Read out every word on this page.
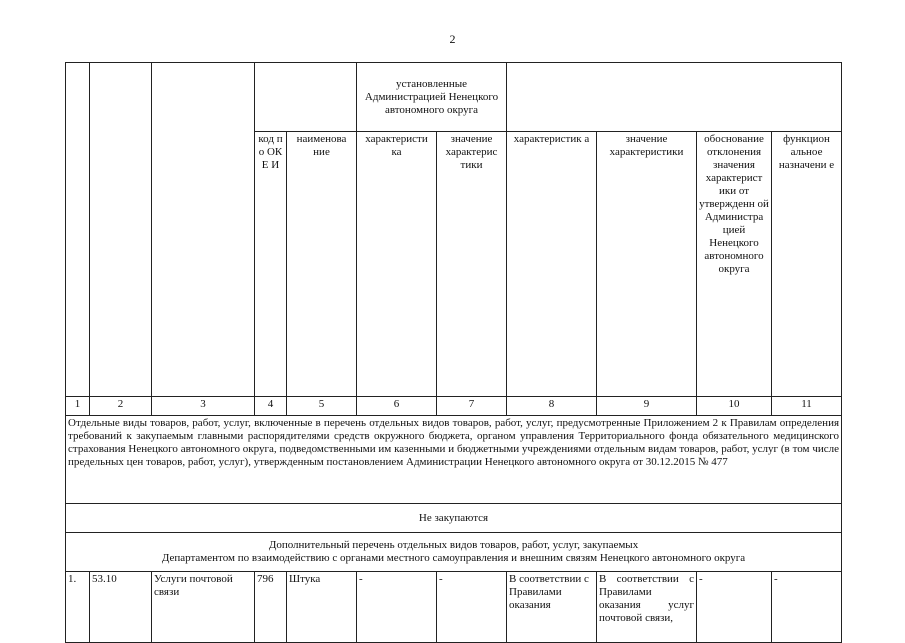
2
					установленные Администрацией Ненецкого автономного округа					
			код по ОКЕ И	наименова ние	характеристи ка	значение характерис тики	характеристик а	значение характеристики	обоснование отклонения значения характерист ики от утвержденн ой Администра цией Ненецкого автономного округа	функцион альное назначени е
1	2	3	4	5	6	7	8	9	10	11
Отдельные виды товаров, работ, услуг, включенные в перечень отдельных видов товаров, работ, услуг, предусмотренные Приложением 2 к Правилам определения требований к закупаемым главными распорядителями средств окружного бюджета, органом управления Территориального фонда обязательного медицинского страхования Ненецкого автономного округа, подведомственными им казенными и бюджетными учреждениями отдельным видам товаров, работ, услуг (в том числе предельных цен товаров, работ, услуг), утвержденным постановлением Администрации Ненецкого автономного округа от 30.12.2015 № 477										
Не закупаются										

Дополнительный перечень отдельных видов товаров, работ, услуг, закупаемых
Департаментом по взаимодействию с органами местного самоуправления и внешним связям Ненецкого автономного округа										

1.	53.10	Услуги почтовой связи	796	Штука	-	-	В соответствии с Правилами оказания	В соответствии с Правилами оказания услуг почтовой связи,	-	-
